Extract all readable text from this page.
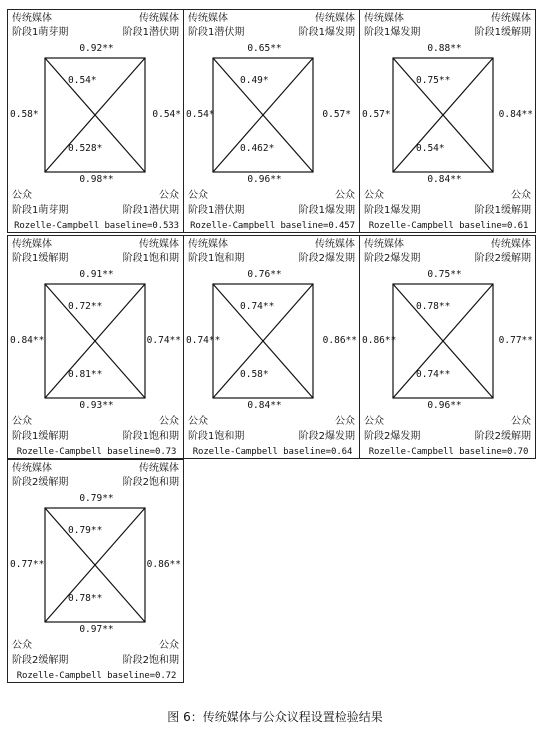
传统媒体	传统媒体
阶段1萌芽期	阶段1潜伏期
0.92**
0.54*
0.58*	0.54*
0.528*
0.98**
公众	公众
阶段1萌芽期	阶段1潜伏期
Rozelle-Campbell baseline=0.533
传统媒体	传统媒体
阶段1潜伏期	阶段1爆发期
0.65**
0.49*
0.54*	0.57*
0.462*
0.96**
公众	公众
阶段1潜伏期	阶段1爆发期
Rozelle-Campbell baseline=0.457
传统媒体	传统媒体
阶段1爆发期	阶段1缓解期
0.88**
0.75**
0.57*	0.84**
0.54*
0.84**
公众	公众
阶段1爆发期	阶段1缓解期
Rozelle-Campbell baseline=0.61
传统媒体	传统媒体
阶段1缓解期	阶段1饱和期
0.91**
0.72**
0.84**	0.74**
0.81**
0.93**
公众	公众
阶段1缓解期	阶段1饱和期
Rozelle-Campbell baseline=0.73
传统媒体	传统媒体
阶段1饱和期	阶段2爆发期
0.76**
0.74**
0.74**	0.86**
0.58*
0.84**
公众	公众
阶段1饱和期	阶段2爆发期
Rozelle-Campbell baseline=0.64
传统媒体	传统媒体
阶段2爆发期	阶段2缓解期
0.75**
0.78**
0.86**	0.77**
0.74**
0.96**
公众	公众
阶段2爆发期	阶段2缓解期
Rozelle-Campbell baseline=0.70
传统媒体	传统媒体
阶段2缓解期	阶段2饱和期
0.79**
0.79**
0.77**	0.86**
0.78**
0.97**
公众	公众
阶段2缓解期	阶段2饱和期
Rozelle-Campbell baseline=0.72
图 6：传统媒体与公众议程设置检验结果
